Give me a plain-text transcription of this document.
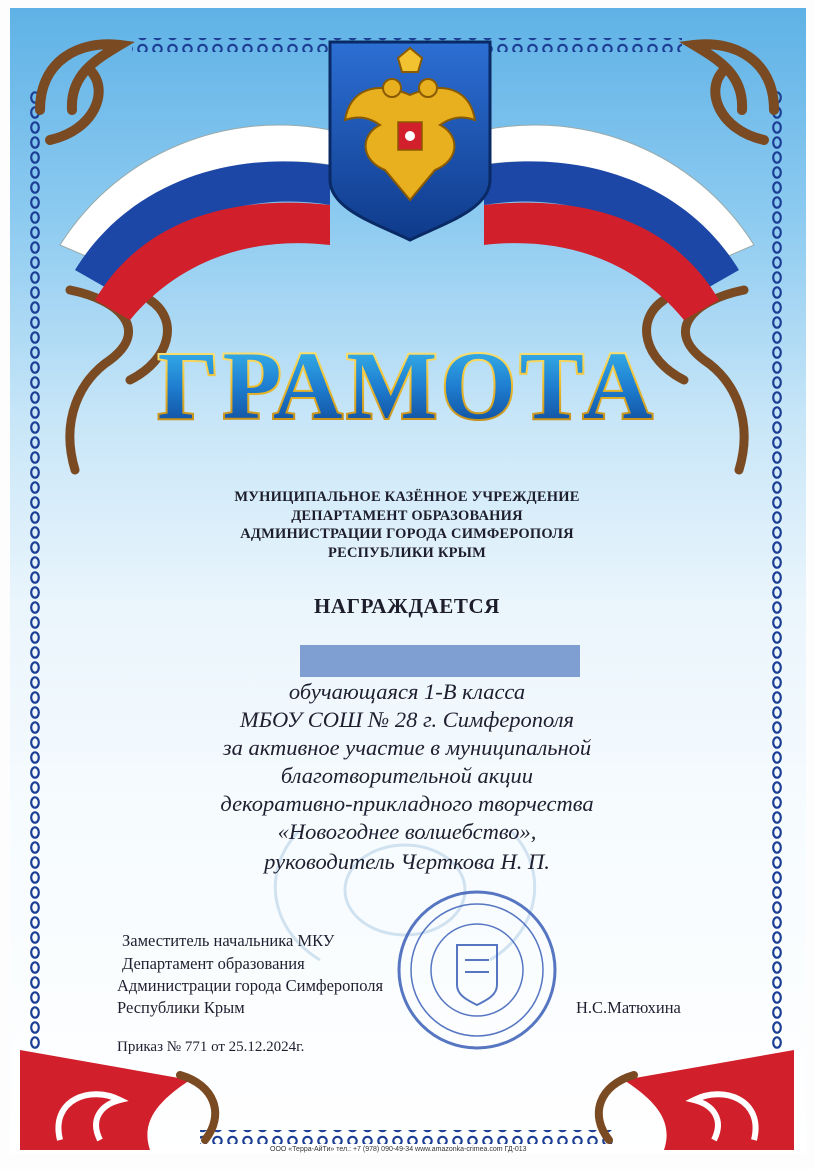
ГРАМОТА
МУНИЦИПАЛЬНОЕ КАЗЁННОЕ УЧРЕЖДЕНИЕ
ДЕПАРТАМЕНТ ОБРАЗОВАНИЯ
АДМИНИСТРАЦИИ ГОРОДА СИМФЕРОПОЛЯ
РЕСПУБЛИКИ КРЫМ
НАГРАЖДАЕТСЯ
обучающаяся 1-В класса
МБОУ СОШ № 28 г. Симферополя
за активное участие в муниципальной
благотворительной акции
декоративно-прикладного творчества
«Новогоднее волшебство»,
руководитель Черткова Н. П.
Заместитель начальника МКУ
Департамент образования
Администрации города Симферополя
Республики Крым	Н.С.Матюхина
Приказ № 771 от 25.12.2024г.
ООО «Терра-АйТи» тел.: +7 (978) 090-49-34 www.amazonka-crimea.com ГД-013
